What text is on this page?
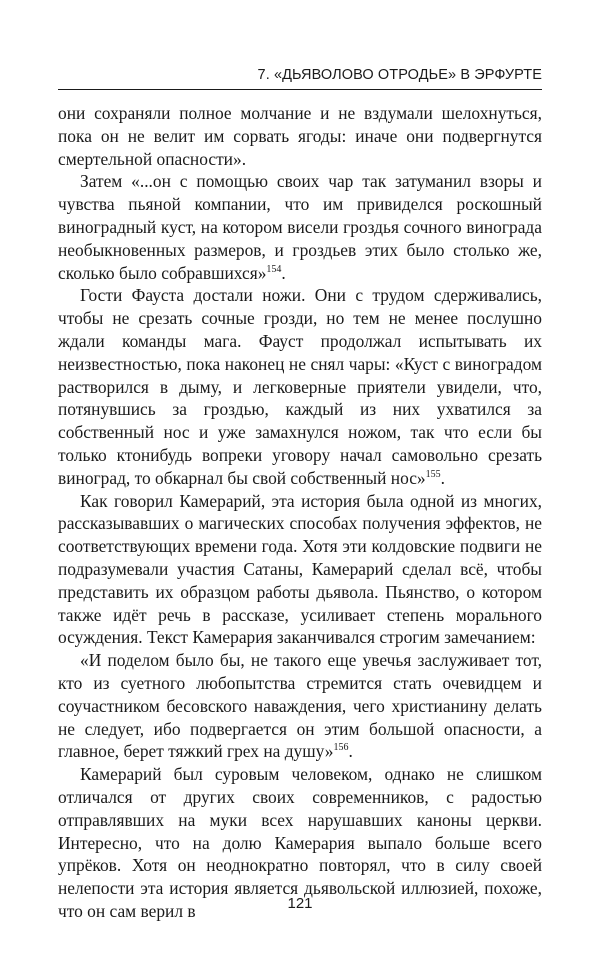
7. «ДЬЯВОЛОВО ОТРОДЬЕ» В ЭРФУРТЕ

они сохраняли полное молчание и не вздумали шелохнуться, пока он не велит им сорвать ягоды: иначе они подвергнутся смертельной опасности».

Затем «...он с помощью своих чар так затуманил взоры и чувства пьяной компании, что им привиделся роскошный виноградный куст, на котором висели гроздья сочного винограда необыкновенных размеров, и гроздьев этих было столько же, сколько было собравшихся»$^{154}$.

Гости Фауста достали ножи. Они с трудом сдерживались, чтобы не срезать сочные грозди, но тем не менее послушно ждали команды мага. Фауст продолжал испытывать их неизвестностью, пока наконец не снял чары: «Куст с виноградом растворился в дыму, и легковерные приятели увидели, что, потянувшись за гроздью, каждый из них ухватился за собственный нос и уже замахнулся ножом, так что если бы только ктонибудь вопреки уговору начал самовольно срезать виноград, то обкарнал бы свой собственный нос»$^{155}$.

Как говорил Камерарий, эта история была одной из многих, рассказывавших о магических способах получения эффектов, не соответствующих времени года. Хотя эти колдовские подвиги не подразумевали участия Сатаны, Камерарий сделал всё, чтобы представить их образцом работы дьявола. Пьянство, о котором также идёт речь в рассказе, усиливает степень морального осуждения. Текст Камерария заканчивался строгим замечанием:

«И поделом было бы, не такого еще увечья заслуживает тот, кто из суетного любопытства стремится стать очевидцем и соучастником бесовского наваждения, чего христианину делать не следует, ибо подвергается он этим большой опасности, а главное, берет тяжкий грех на душу»$^{156}$.

Камерарий был суровым человеком, однако не слишком отличался от других своих современников, с радостью отправлявших на муки всех нарушавших каноны церкви. Интересно, что на долю Камерария выпало больше всего упрёков. Хотя он неоднократно повторял, что в силу своей нелепости эта история является дьявольской иллюзией, похоже, что он сам верил в	121
